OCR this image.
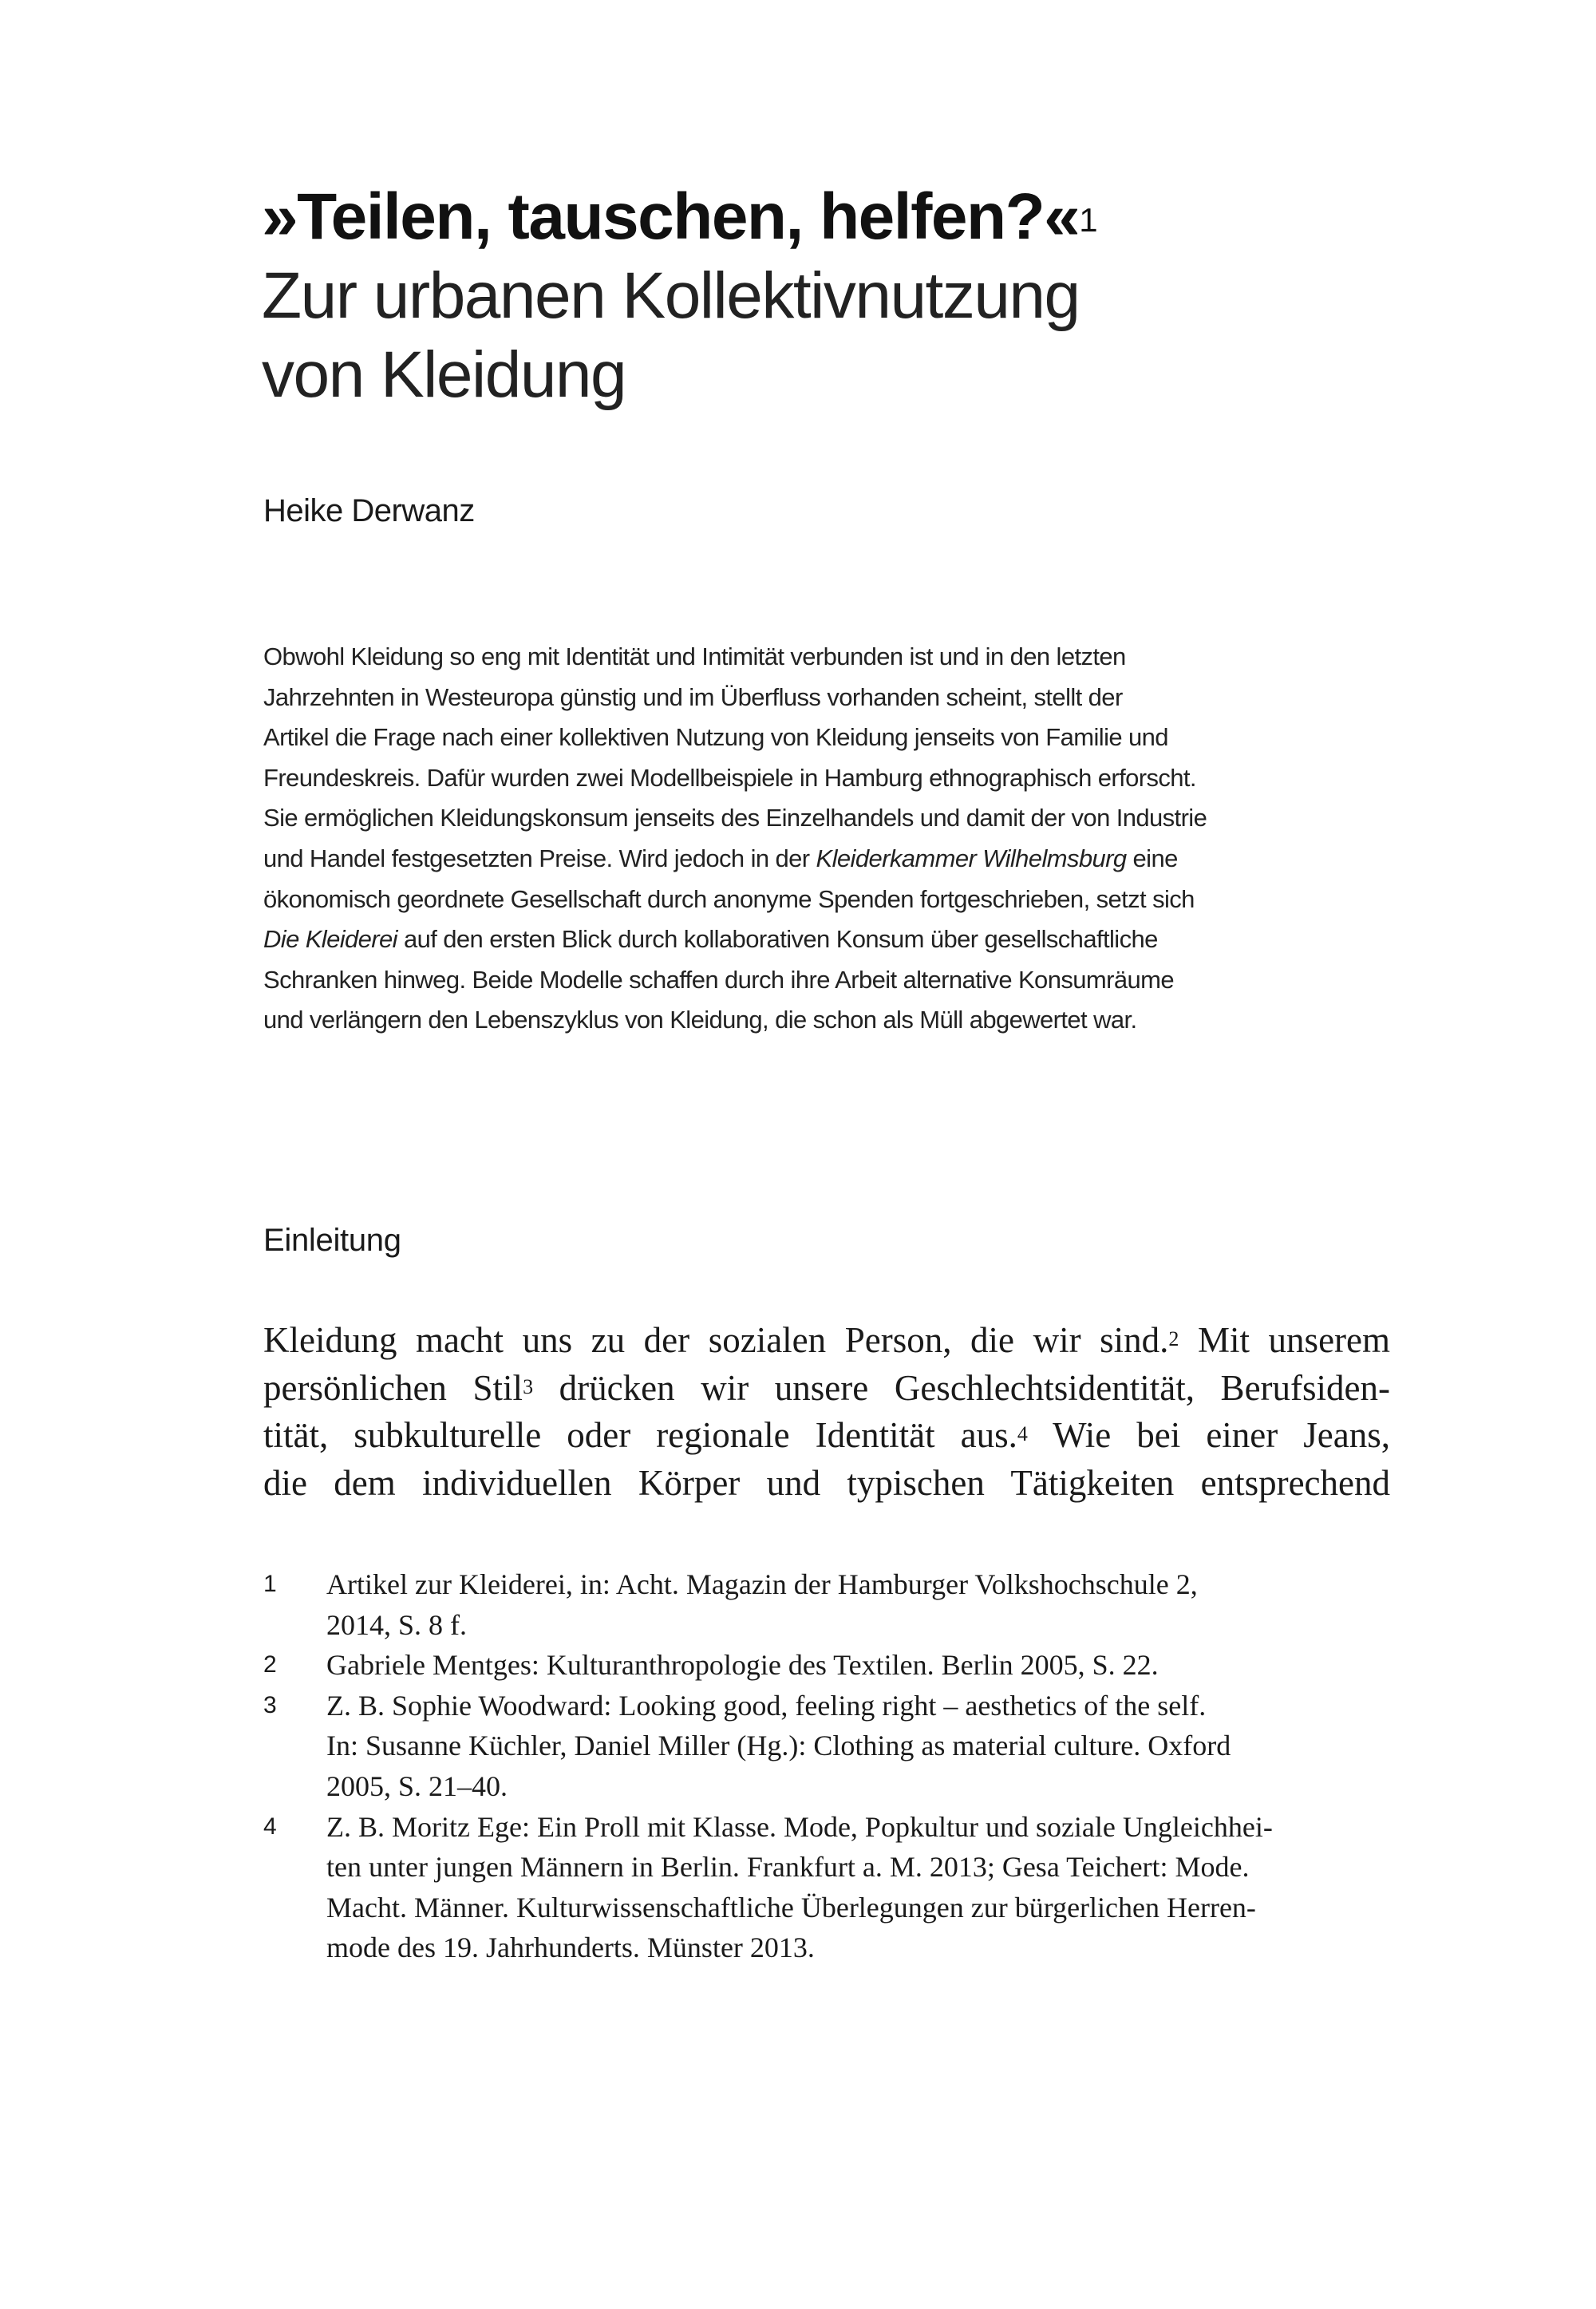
»Teilen, tauschen, helfen?«$^1$
Zur urbanen Kollektivnutzung
von Kleidung
Heike Derwanz
Obwohl Kleidung so eng mit Identität und Intimität verbunden ist und in den letzten
Jahrzehnten in Westeuropa günstig und im Überfluss vorhanden scheint, stellt der
Artikel die Frage nach einer kollektiven Nutzung von Kleidung jenseits von Familie und
Freundeskreis. Dafür wurden zwei Modellbeispiele in Hamburg ethnographisch erforscht.
Sie ermöglichen Kleidungskonsum jenseits des Einzelhandels und damit der von Industrie
und Handel festgesetzten Preise. Wird jedoch in der Kleiderkammer Wilhelmsburg eine
ökonomisch geordnete Gesellschaft durch anonyme Spenden fortgeschrieben, setzt sich
Die Kleiderei auf den ersten Blick durch kollaborativen Konsum über gesellschaftliche
Schranken hinweg. Beide Modelle schaffen durch ihre Arbeit alternative Konsumräume
und verlängern den Lebenszyklus von Kleidung, die schon als Müll abgewertet war.
Einleitung
Kleidung macht uns zu der sozialen Person, die wir sind.$^2$ Mit unserem
persönlichen Stil$^3$ drücken wir unsere Geschlechtsidentität, Berufsiden-
tität, subkulturelle oder regionale Identität aus.$^4$ Wie bei einer Jeans,
die dem individuellen Körper und typischen Tätigkeiten entsprechend
1	Artikel zur Kleiderei, in: Acht. Magazin der Hamburger Volkshochschule 2,
2014, S. 8 f.
2	Gabriele Mentges: Kulturanthropologie des Textilen. Berlin 2005, S. 22.
3	Z. B. Sophie Woodward: Looking good, feeling right – aesthetics of the self.
In: Susanne Küchler, Daniel Miller (Hg.): Clothing as material culture. Oxford
2005, S. 21–40.
4	Z. B. Moritz Ege: Ein Proll mit Klasse. Mode, Popkultur und soziale Ungleichhei-
ten unter jungen Männern in Berlin. Frankfurt a. M. 2013; Gesa Teichert: Mode.
Macht. Männer. Kulturwissenschaftliche Überlegungen zur bürgerlichen Herren-
mode des 19. Jahrhunderts. Münster 2013.
